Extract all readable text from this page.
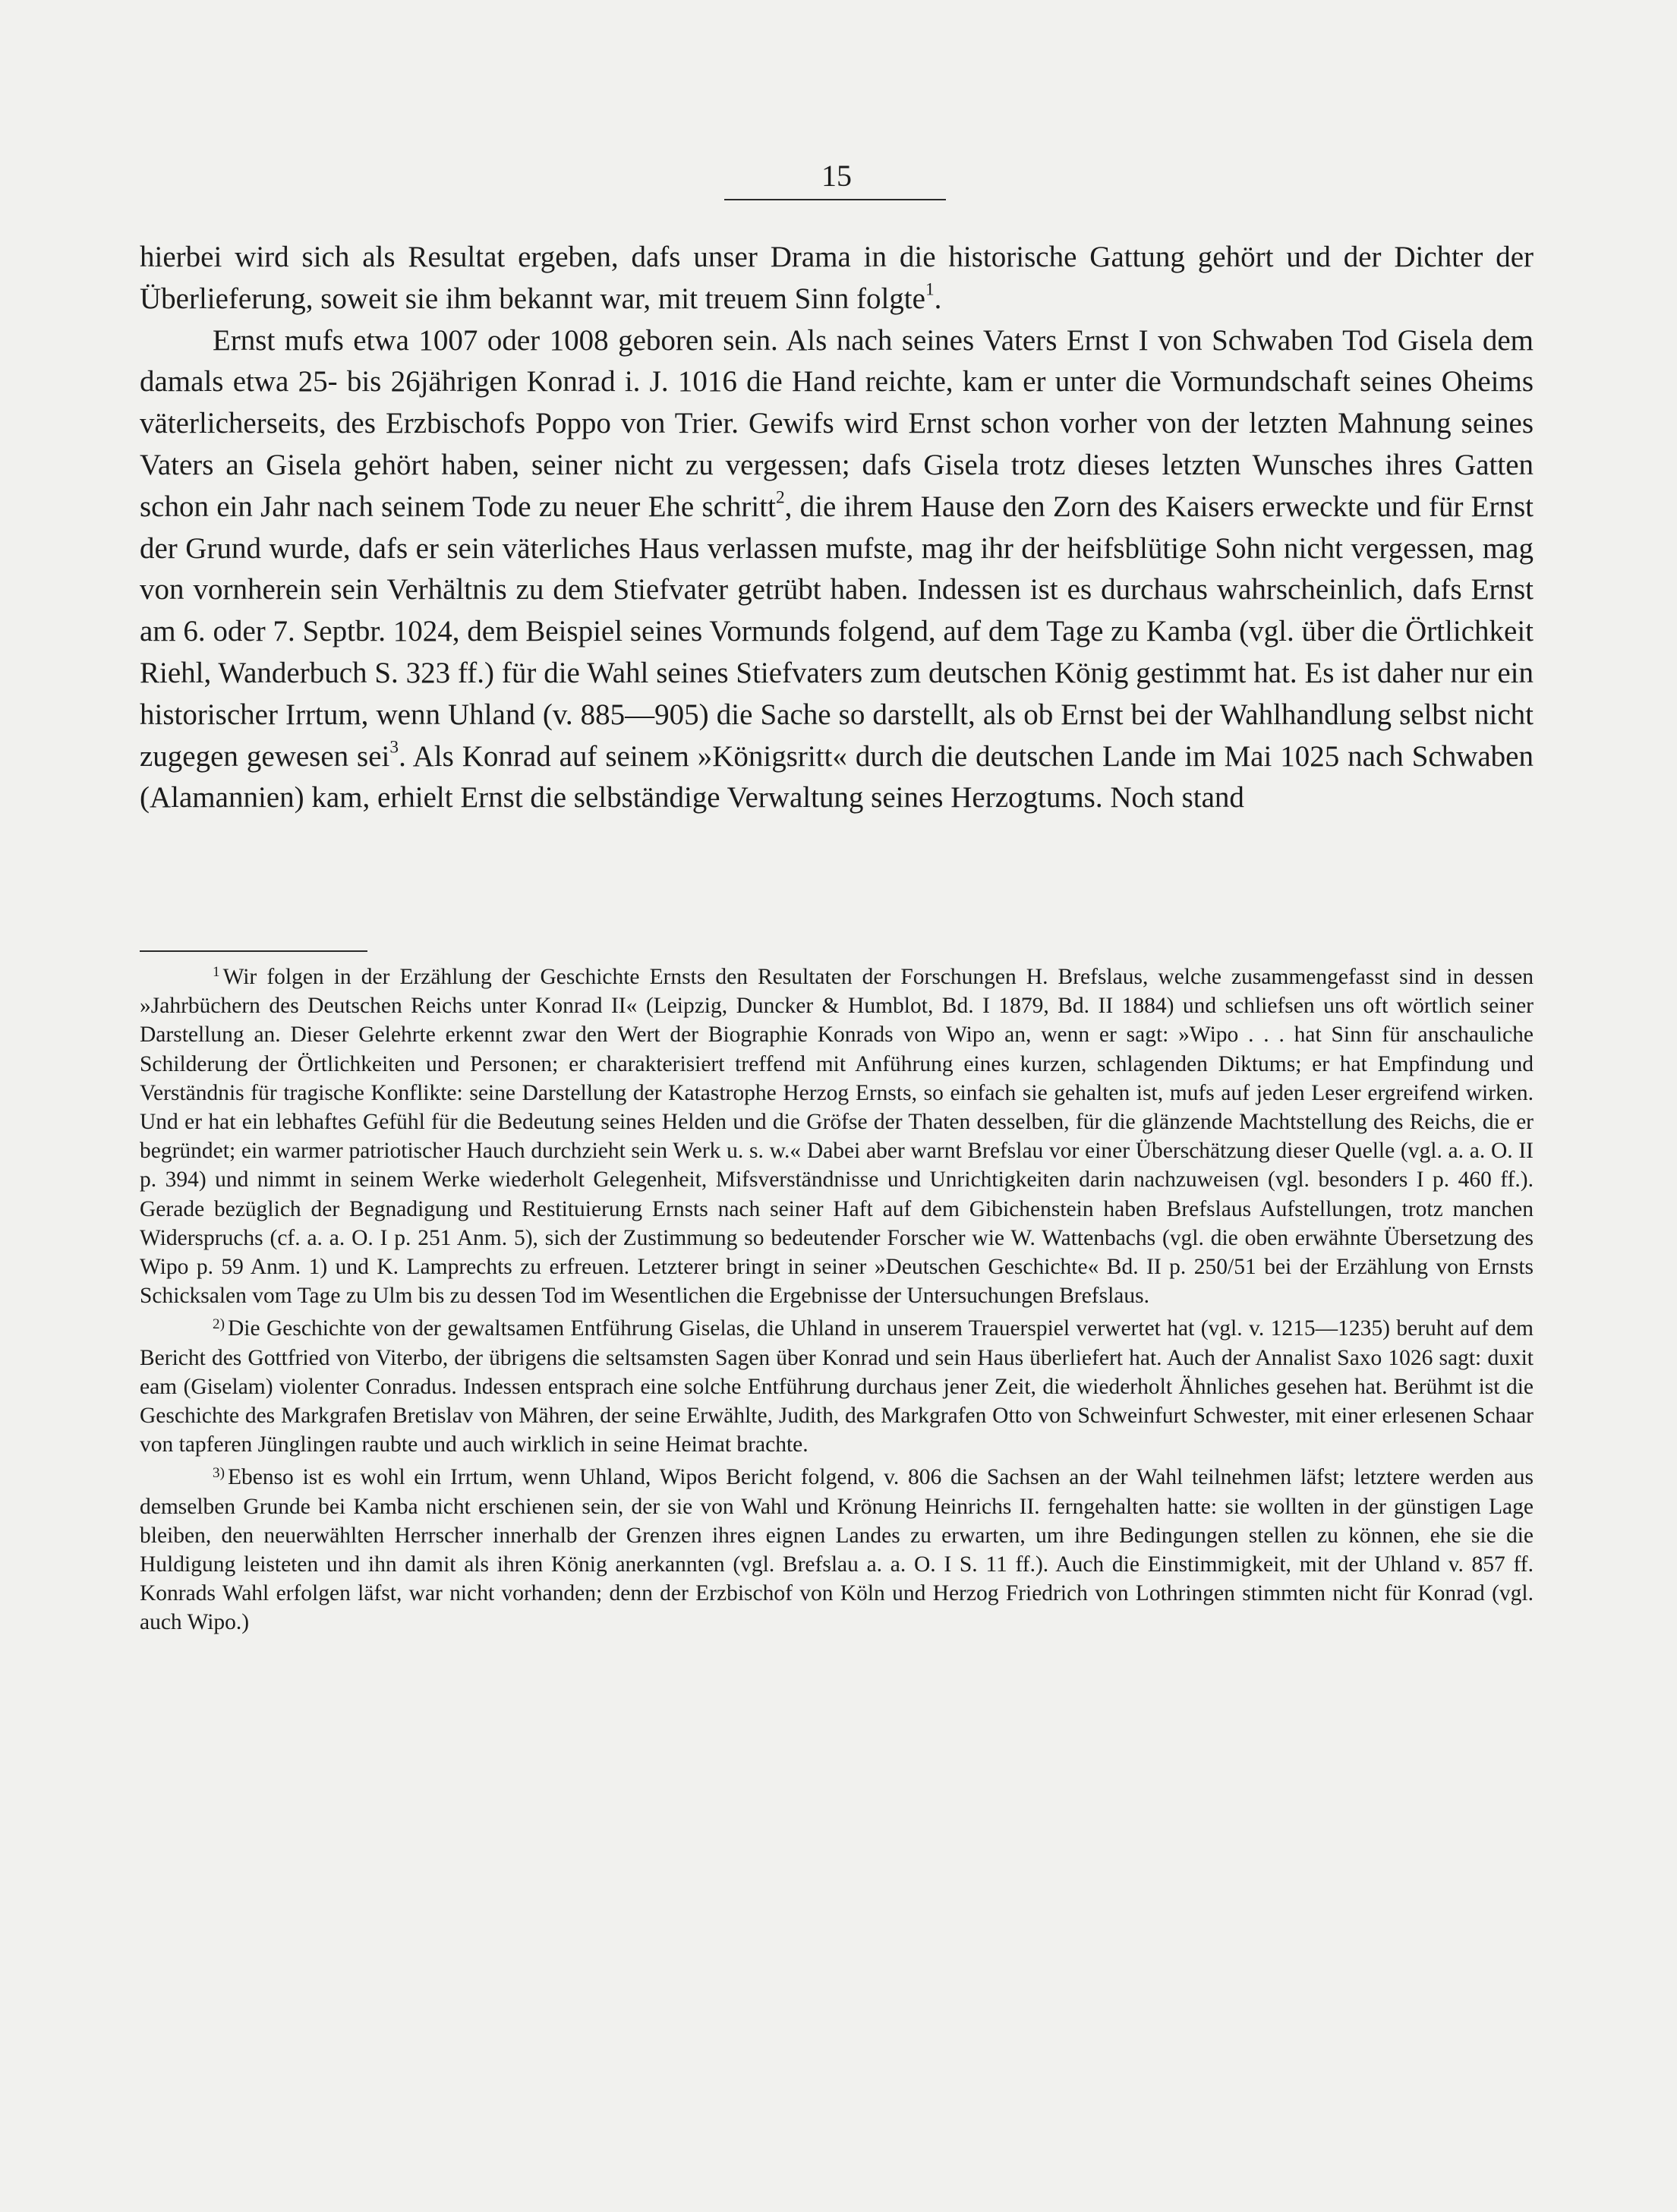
15

hierbei wird sich als Resultat ergeben, dafs unser Drama in die historische Gattung gehört und der Dichter der Überlieferung, soweit sie ihm bekannt war, mit treuem Sinn folgte$^1$.

Ernst mufs etwa 1007 oder 1008 geboren sein. Als nach seines Vaters Ernst I von Schwaben Tod Gisela dem damals etwa 25- bis 26jährigen Konrad i. J. 1016 die Hand reichte, kam er unter die Vormundschaft seines Oheims väterlicherseits, des Erzbischofs Poppo von Trier. Gewifs wird Ernst schon vorher von der letzten Mahnung seines Vaters an Gisela gehört haben, seiner nicht zu vergessen; dafs Gisela trotz dieses letzten Wunsches ihres Gatten schon ein Jahr nach seinem Tode zu neuer Ehe schritt$^2$, die ihrem Hause den Zorn des Kaisers erweckte und für Ernst der Grund wurde, dafs er sein väterliches Haus verlassen mufste, mag ihr der heifsblütige Sohn nicht vergessen, mag von vornherein sein Verhältnis zu dem Stiefvater getrübt haben. Indessen ist es durchaus wahrscheinlich, dafs Ernst am 6. oder 7. Septbr. 1024, dem Beispiel seines Vormunds folgend, auf dem Tage zu Kamba (vgl. über die Örtlichkeit Riehl, Wanderbuch S. 323 ff.) für die Wahl seines Stiefvaters zum deutschen König gestimmt hat. Es ist daher nur ein historischer Irrtum, wenn Uhland (v. 885—905) die Sache so darstellt, als ob Ernst bei der Wahlhandlung selbst nicht zugegen gewesen sei$^3$. Als Konrad auf seinem »Königsritt« durch die deutschen Lande im Mai 1025 nach Schwaben (Alamannien) kam, erhielt Ernst die selbständige Verwaltung seines Herzogtums. Noch stand

$^1$ Wir folgen in der Erzählung der Geschichte Ernsts den Resultaten der Forschungen H. Brefslaus, welche zusammengefasst sind in dessen »Jahrbüchern des Deutschen Reichs unter Konrad II« (Leipzig, Duncker & Humblot, Bd. I 1879, Bd. II 1884) und schliefsen uns oft wörtlich seiner Darstellung an. Dieser Gelehrte erkennt zwar den Wert der Biographie Konrads von Wipo an, wenn er sagt: »Wipo . . . hat Sinn für anschauliche Schilderung der Örtlichkeiten und Personen; er charakterisiert treffend mit Anführung eines kurzen, schlagenden Diktums; er hat Empfindung und Verständnis für tragische Konflikte: seine Darstellung der Katastrophe Herzog Ernsts, so einfach sie gehalten ist, mufs auf jeden Leser ergreifend wirken. Und er hat ein lebhaftes Gefühl für die Bedeutung seines Helden und die Gröfse der Thaten desselben, für die glänzende Machtstellung des Reichs, die er begründet; ein warmer patriotischer Hauch durchzieht sein Werk u. s. w.« Dabei aber warnt Brefslau vor einer Überschätzung dieser Quelle (vgl. a. a. O. II p. 394) und nimmt in seinem Werke wiederholt Gelegenheit, Mifsverständnisse und Unrichtigkeiten darin nachzuweisen (vgl. besonders I p. 460 ff.). Gerade bezüglich der Begnadigung und Restituierung Ernsts nach seiner Haft auf dem Gibichenstein haben Brefslaus Aufstellungen, trotz manchen Widerspruchs (cf. a. a. O. I p. 251 Anm. 5), sich der Zustimmung so bedeutender Forscher wie W. Wattenbachs (vgl. die oben erwähnte Übersetzung des Wipo p. 59 Anm. 1) und K. Lamprechts zu erfreuen. Letzterer bringt in seiner »Deutschen Geschichte« Bd. II p. 250/51 bei der Erzählung von Ernsts Schicksalen vom Tage zu Ulm bis zu dessen Tod im Wesentlichen die Ergebnisse der Untersuchungen Brefslaus.

$^{2)}$ Die Geschichte von der gewaltsamen Entführung Giselas, die Uhland in unserem Trauerspiel verwertet hat (vgl. v. 1215—1235) beruht auf dem Bericht des Gottfried von Viterbo, der übrigens die seltsamsten Sagen über Konrad und sein Haus überliefert hat. Auch der Annalist Saxo 1026 sagt: duxit eam (Giselam) violenter Conradus. Indessen entsprach eine solche Entführung durchaus jener Zeit, die wiederholt Ähnliches gesehen hat. Berühmt ist die Geschichte des Markgrafen Bretislav von Mähren, der seine Erwählte, Judith, des Markgrafen Otto von Schweinfurt Schwester, mit einer erlesenen Schaar von tapferen Jünglingen raubte und auch wirklich in seine Heimat brachte.

$^{3)}$ Ebenso ist es wohl ein Irrtum, wenn Uhland, Wipos Bericht folgend, v. 806 die Sachsen an der Wahl teilnehmen läfst; letztere werden aus demselben Grunde bei Kamba nicht erschienen sein, der sie von Wahl und Krönung Heinrichs II. ferngehalten hatte: sie wollten in der günstigen Lage bleiben, den neuerwählten Herrscher innerhalb der Grenzen ihres eignen Landes zu erwarten, um ihre Bedingungen stellen zu können, ehe sie die Huldigung leisteten und ihn damit als ihren König anerkannten (vgl. Brefslau a. a. O. I S. 11 ff.). Auch die Einstimmigkeit, mit der Uhland v. 857 ff. Konrads Wahl erfolgen läfst, war nicht vorhanden; denn der Erzbischof von Köln und Herzog Friedrich von Lothringen stimmten nicht für Konrad (vgl. auch Wipo.)
